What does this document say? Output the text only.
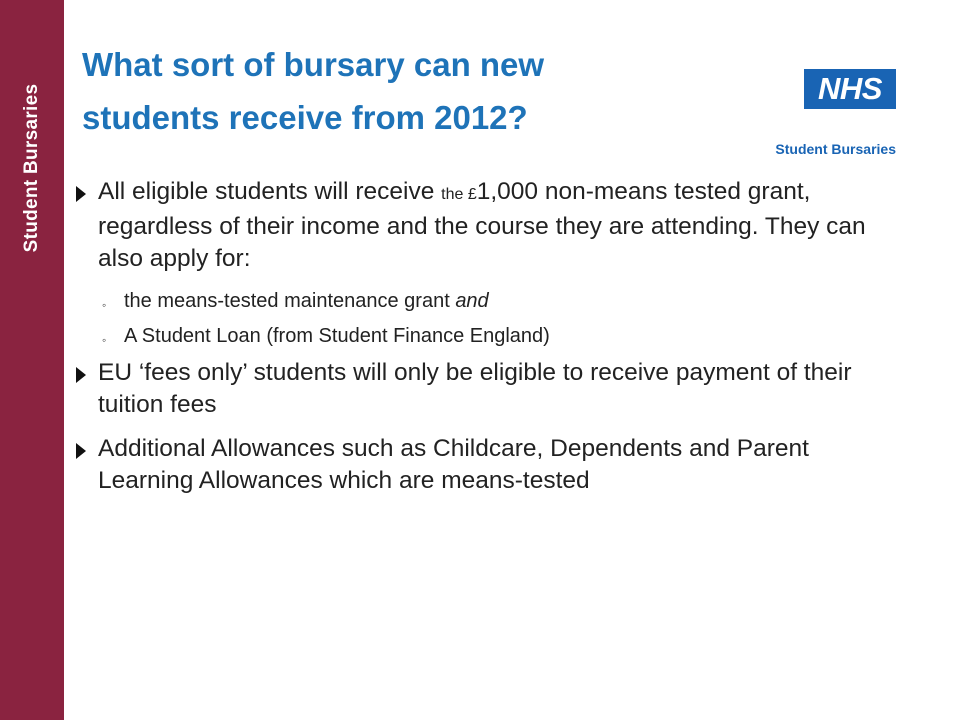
Student Bursaries
What sort of bursary can new
students receive from 2012?
NHS
Student Bursaries
All eligible students will receive the £1,000 non-means tested grant, regardless of their income and the course they are attending. They can also apply for:
◦ the means-tested maintenance grant and
◦ A Student Loan (from Student Finance England)
EU ‘fees only’ students will only be eligible to receive payment of their tuition fees
Additional Allowances such as Childcare, Dependents and Parent Learning Allowances which are means-tested
